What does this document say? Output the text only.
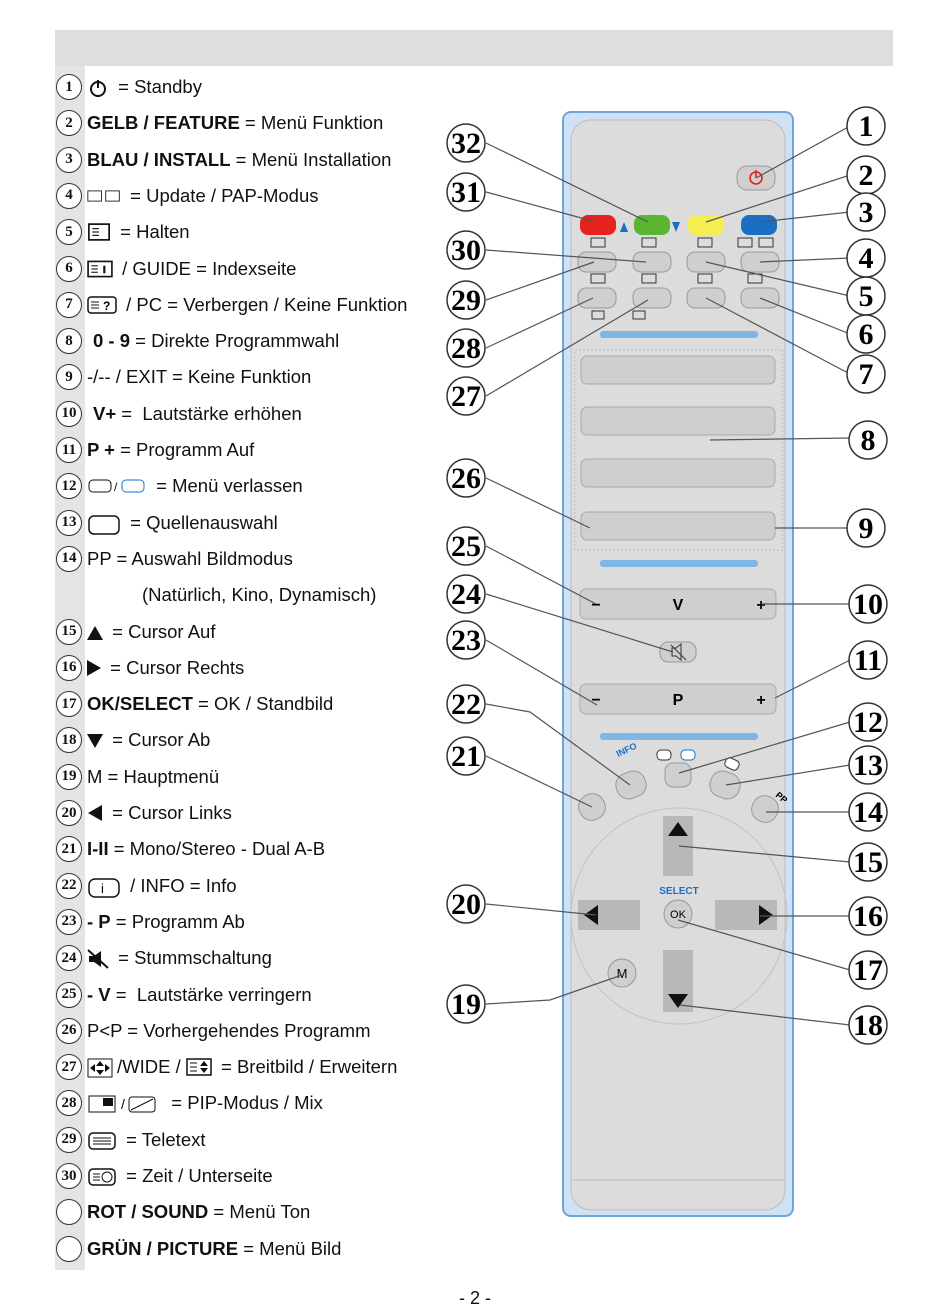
1	= Standby
2 GELB / FEATURE = Menü Funktion
3 BLAU / INSTALL = Menü Installation
4	= Update / PAP-Modus
5	= Halten
6	/ GUIDE = Indexseite
7	? / PC = Verbergen / Keine Funktion
8	0 - 9 = Direkte Programmwahl
9 -/-- / EXIT = Keine Funktion
10 V+ =  Lautstärke erhöhen
11 P + = Programm Auf
12	/ = Menü verlassen
13	= Quellenauswahl
14 PP = Auswahl Bildmodus
(Natürlich, Kino, Dynamisch)
15 = Cursor Auf
16 = Cursor Rechts
17 OK/SELECT = OK / Standbild
18 = Cursor Ab
19 M = Hauptmenü
20 = Cursor Links
21 I-II = Mono/Stereo - Dual A-B
22	i / INFO = Info
23 - P = Programm Ab
24 = Stummschaltung
25 - V =  Lautstärke verringern
26 P<P = Vorhergehendes Programm
27 /WIDE / = Breitbild / Erweitern
28	/ = PIP-Modus / Mix
29 = Teletext
30 = Zeit / Unterseite
ROT / SOUND = Menü Ton
GRÜN / PICTURE = Menü Bild
−	V	+
−	P	+
INFO
PP
SELECT
OK
M
1
2
3
4
5
6
7
8
9
10
11
12
13
14
15
16
17
18
19
20
21
22
23
24
25
26
27
28
29
30
31
32
- 2 -
